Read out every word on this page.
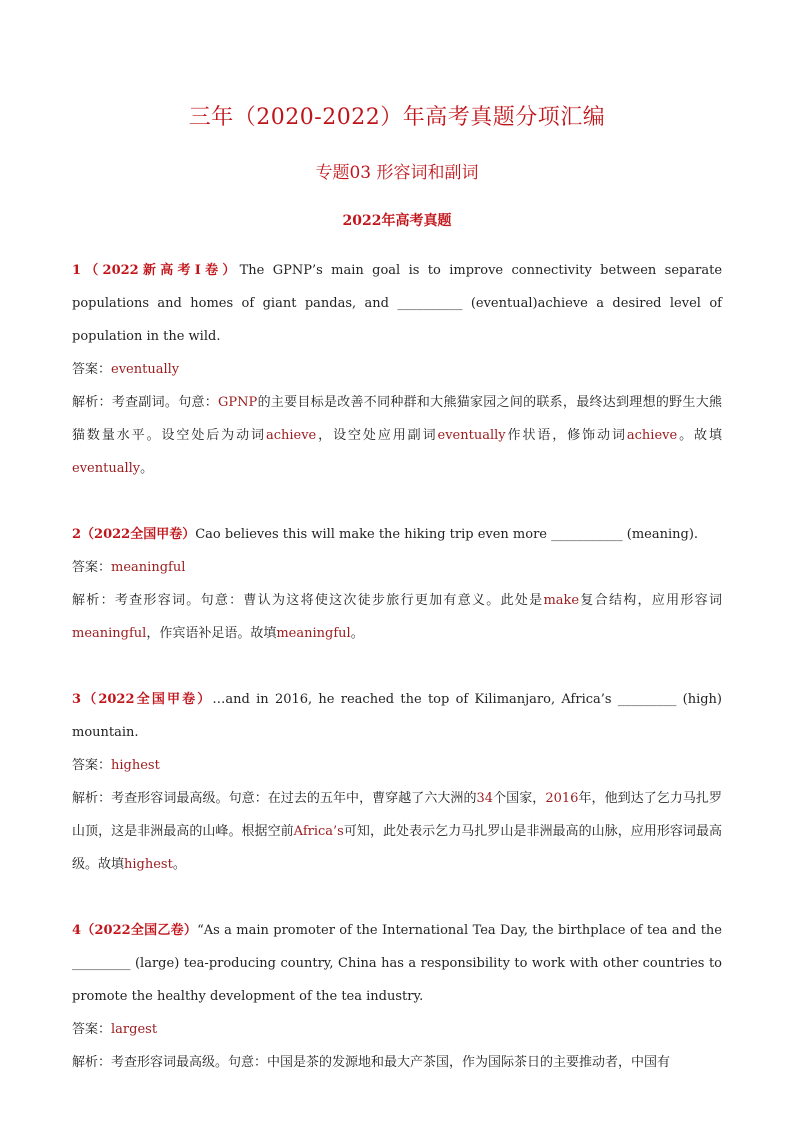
三年（2020-2022）年高考真题分项汇编
专题03 形容词和副词
2022年高考真题
1（2022新高考I卷）The GPNP’s main goal is to improve connectivity between separate populations and homes of giant pandas, and __________ (eventual)achieve a desired level of population in the wild.
答案：eventually
解析：考查副词。句意：GPNP的主要目标是改善不同种群和大熊猫家园之间的联系，最终达到理想的野生大熊猫数量水平。设空处后为动词achieve，设空处应用副词eventually作状语，修饰动词achieve。故填eventually。
2（2022全国甲卷）Cao believes this will make the hiking trip even more ___________ (meaning).
答案：meaningful
解析：考查形容词。句意：曹认为这将使这次徒步旅行更加有意义。此处是make复合结构，应用形容词meaningful，作宾语补足语。故填meaningful。
3（2022全国甲卷）…and in 2016, he reached the top of Kilimanjaro, Africa’s _________ (high) mountain.
答案：highest
解析：考查形容词最高级。句意：在过去的五年中，曹穿越了六大洲的34个国家，2016年，他到达了乞力马扎罗山顶，这是非洲最高的山峰。根据空前Africa’s可知，此处表示乞力马扎罗山是非洲最高的山脉，应用形容词最高级。故填highest。
4（2022全国乙卷）“As a main promoter of the International Tea Day, the birthplace of tea and the _________ (large) tea-producing country, China has a responsibility to work with other countries to promote the healthy development of the tea industry.
答案：largest
解析：考查形容词最高级。句意：中国是茶的发源地和最大产茶国，作为国际茶日的主要推动者，中国有
